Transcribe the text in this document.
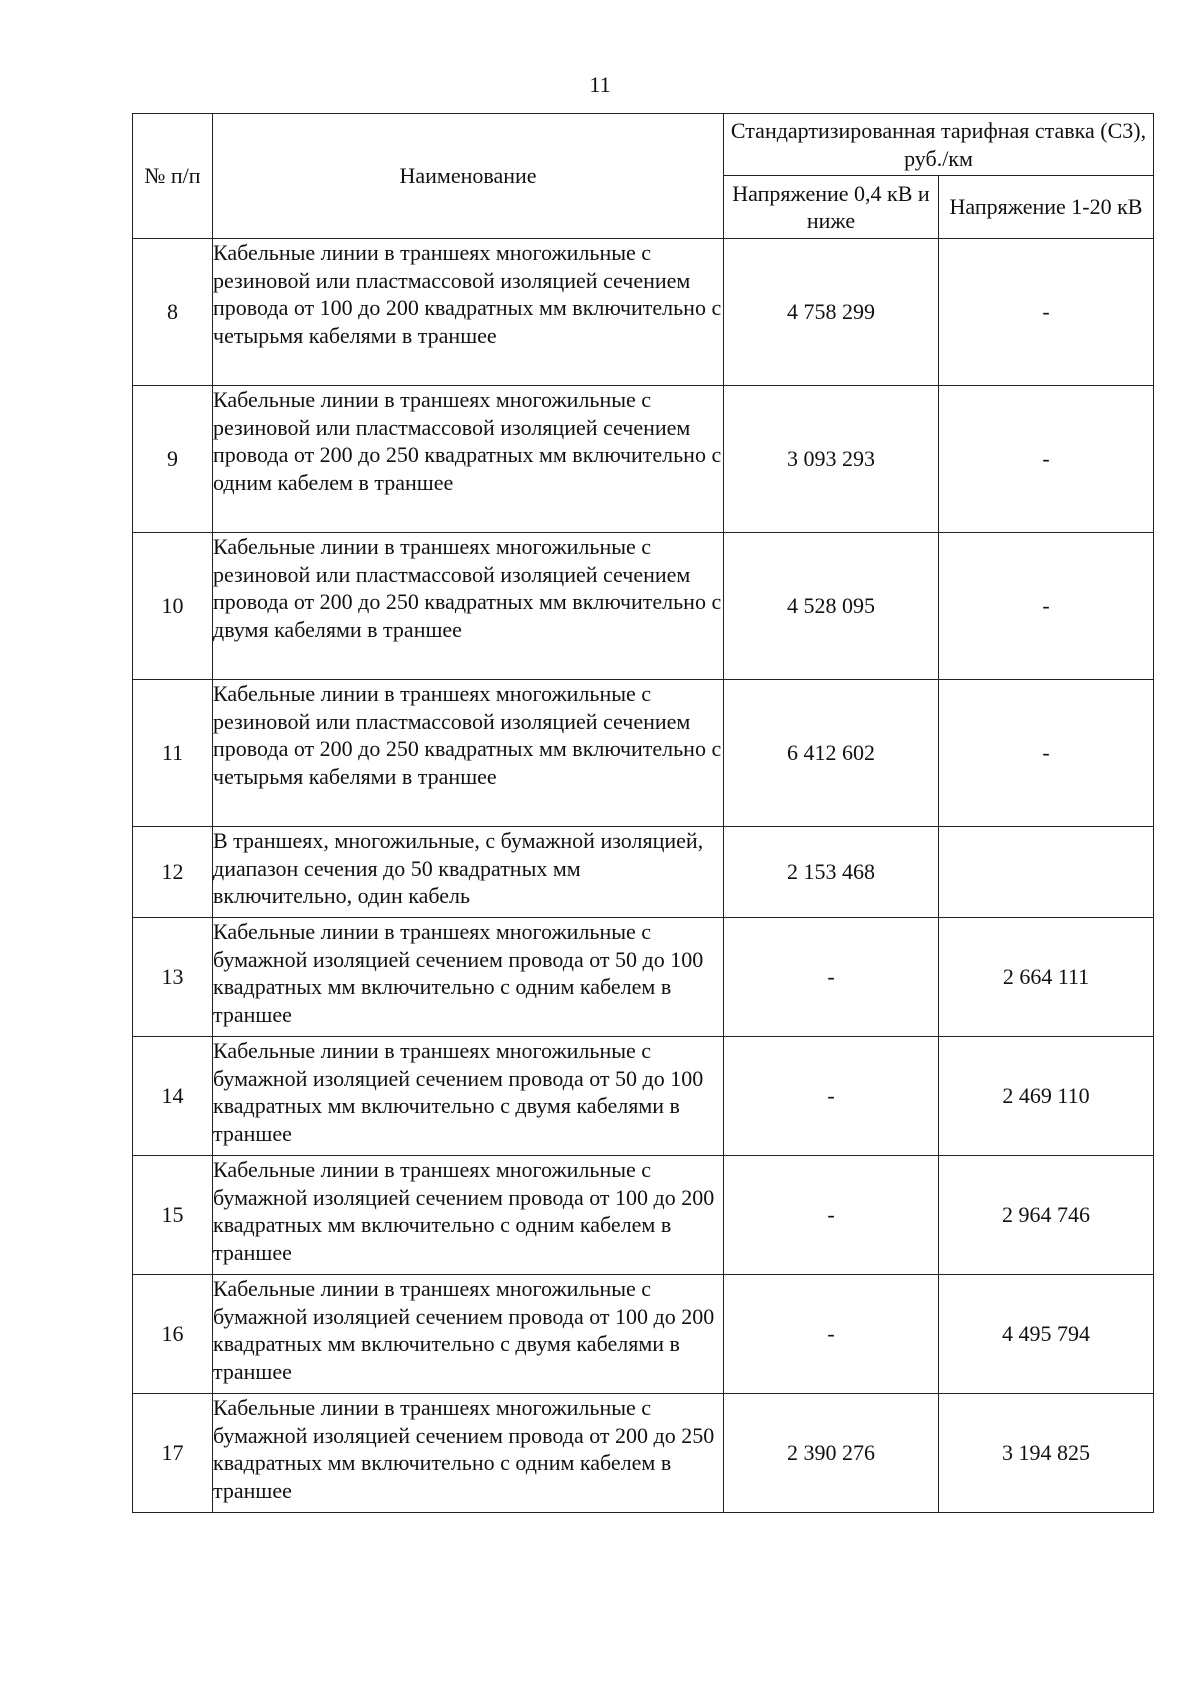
11
№ п/п	Наименование	Стандартизированная тарифная ставка (С3), руб./км	
		Напряжение 0,4 кВ и ниже	Напряжение 1-20 кВ
8	Кабельные линии в траншеях многожильные с резиновой или пластмассовой изоляцией сечением провода от 100 до 200 квадратных мм включительно с четырьмя кабелями в траншее	4 758 299	-
9	Кабельные линии в траншеях многожильные с резиновой или пластмассовой изоляцией сечением провода от 200 до 250 квадратных мм включительно с одним кабелем в траншее	3 093 293	-
10	Кабельные линии в траншеях многожильные с резиновой или пластмассовой изоляцией сечением провода от 200 до 250 квадратных мм включительно с двумя кабелями в траншее	4 528 095	-
11	Кабельные линии в траншеях многожильные с резиновой или пластмассовой изоляцией сечением провода от 200 до 250 квадратных мм включительно с четырьмя кабелями в траншее	6 412 602	-
12	В траншеях, многожильные, с бумажной изоляцией, диапазон сечения до 50 квадратных мм включительно, один кабель	2 153 468	
13	Кабельные линии в траншеях многожильные с бумажной изоляцией сечением провода от 50 до 100 квадратных мм включительно с одним кабелем в траншее	-	2 664 111
14	Кабельные линии в траншеях многожильные с бумажной изоляцией сечением провода от 50 до 100 квадратных мм включительно с двумя кабелями в траншее	-	2 469 110
15	Кабельные линии в траншеях многожильные с бумажной изоляцией сечением провода от 100 до 200 квадратных мм включительно с одним кабелем в траншее	-	2 964 746
16	Кабельные линии в траншеях многожильные с бумажной изоляцией сечением провода от 100 до 200 квадратных мм включительно с двумя кабелями в траншее	-	4 495 794
17	Кабельные линии в траншеях многожильные с бумажной изоляцией сечением провода от 200 до 250 квадратных мм включительно с одним кабелем в траншее	2 390 276	3 194 825
